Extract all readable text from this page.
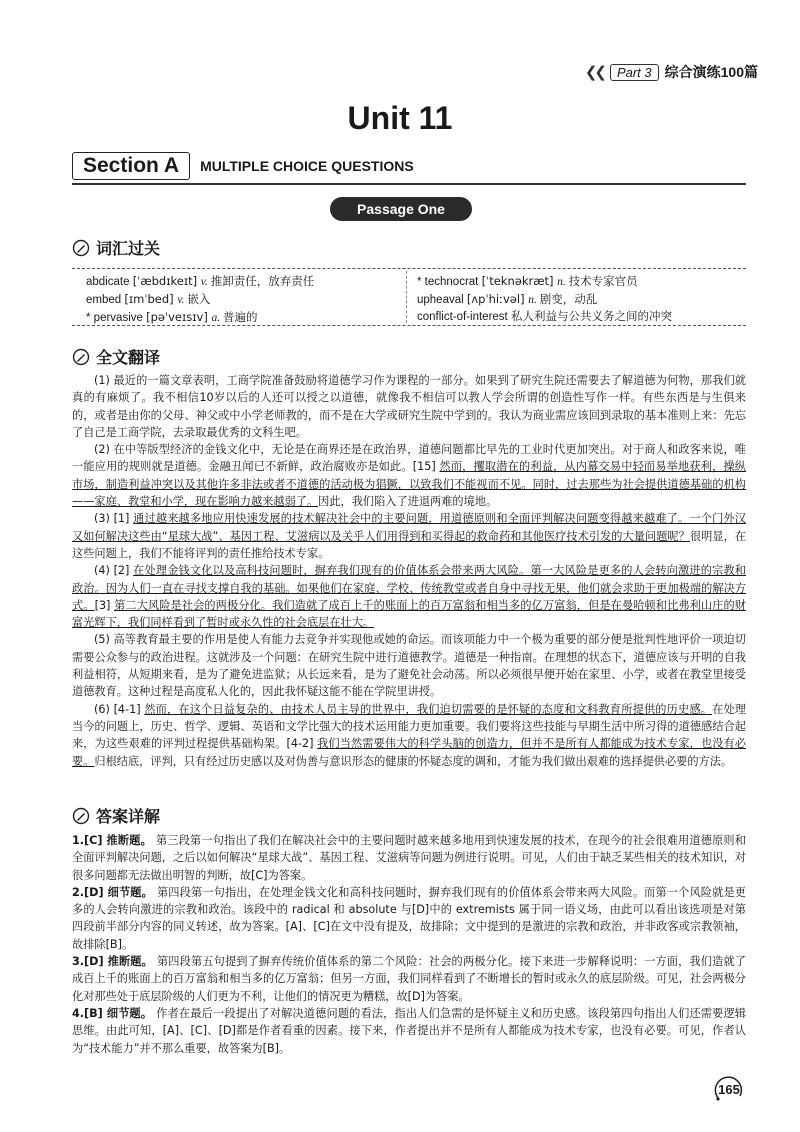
❮❮	Part 3 综合演练100篇
Unit 11
Section A	MULTIPLE CHOICE QUESTIONS
Passage One
词汇过关
abdicate [ˈæbdɪkeɪt] v. 推卸责任，放弃责任
embed [ɪmˈbed] v. 嵌入
* pervasive [pəˈveɪsɪv] a. 普遍的
* technocrat [ˈteknəkræt] n. 技术专家官员
upheaval [ʌpˈhiːvəl] n. 剧变，动乱
conflict-of-interest 私人利益与公共义务之间的冲突
全文翻译

(1) 最近的一篇文章表明，工商学院准备鼓励将道德学习作为课程的一部分。如果到了研究生院还需要去了解道德为何物，那我们就真的有麻烦了。我不相信10岁以后的人还可以授之以道德，就像我不相信可以教人学会所谓的创造性写作一样。有些东西是与生俱来的，或者是由你的父母、神父或中小学老师教的，而不是在大学或研究生院中学到的。我认为商业需应该回到录取的基本准则上来：先忘了自己是工商学院，去录取最优秀的文科生吧。

(2) 在中等版型经济的金钱文化中，无论是在商界还是在政治界，道德问题都比早先的工业时代更加突出。对于商人和政客来说，唯一能应用的规则就是道德。金融丑闻已不新鲜，政治腐败亦是如此。[15] 然而，攫取潜在的利益，从内幕交易中轻而易举地获利，操纵市场，制造利益冲突以及其他许多非法或者不道德的活动极为猖獗，以致我们不能视而不见。同时，过去那些为社会提供道德基础的机构——家庭、教堂和小学，现在影响力越来越弱了。因此，我们陷入了进退两难的境地。

(3) [1] 通过越来越多地应用快速发展的技术解决社会中的主要问题，用道德原则和全面评判解决问题变得越来越难了。一个门外汉又如何解决这些由“星球大战”、基因工程、艾滋病以及关乎人们用得到和买得起的救命药和其他医疗技术引发的大量问题呢？很明显，在这些问题上，我们不能将评判的责任推给技术专家。

(4) [2] 在处理金钱文化以及高科技问题时，摒弃我们现有的价值体系会带来两大风险。第一大风险是更多的人会转向激进的宗教和政治。因为人们一直在寻找支撑自我的基础。如果他们在家庭、学校、传统教堂或者自身中寻找无果，他们就会求助于更加极端的解决方式。[3] 第二大风险是社会的两极分化。我们造就了成百上千的账面上的百万富翁和相当多的亿万富翁，但是在曼哈顿和比弗利山庄的财富光辉下，我们同样看到了暂时或永久性的社会底层在壮大。

(5) 高等教育最主要的作用是使人有能力去竞争并实现他或她的命运。而该项能力中一个极为重要的部分便是批判性地评价一项迫切需要公众参与的政治进程。这就涉及一个问题：在研究生院中进行道德教学。道德是一种指南。在理想的状态下，道德应该与开明的自我利益相符，从短期来看，是为了避免进监狱；从长远来看，是为了避免社会动荡。所以必须很早便开始在家里、小学，或者在教堂里接受道德教育。这种过程是高度私人化的，因此我怀疑这能不能在学院里讲授。

(6) [4-1] 然而，在这个日益复杂的、由技术人员主导的世界中，我们迫切需要的是怀疑的态度和文科教育所提供的历史感。在处理当今的问题上，历史、哲学、逻辑、英语和文学比强大的技术运用能力更加重要。我们要将这些技能与早期生活中所习得的道德感结合起来，为这些艰难的评判过程提供基础构架。[4-2] 我们当然需要伟大的科学头脑的创造力，但并不是所有人都能成为技术专家，也没有必要。归根结底，评判，只有经过历史感以及对伪善与意识形态的健康的怀疑态度的调和，才能为我们做出艰难的选择提供必要的方法。

答案详解

1.[C] 推断题。 第三段第一句指出了我们在解决社会中的主要问题时越来越多地用到快速发展的技术，在现今的社会很难用道德原则和全面评判解决问题，之后以如何解决“星球大战”、基因工程、艾滋病等问题为例进行说明。可见，人们由于缺乏某些相关的技术知识，对很多问题都无法做出明智的判断，故[C]为答案。

2.[D] 细节题。 第四段第一句指出，在处理金钱文化和高科技问题时，摒弃我们现有的价值体系会带来两大风险。而第一个风险就是更多的人会转向激进的宗教和政治。该段中的 radical 和 absolute 与[D]中的 extremists 属于同一语义场，由此可以看出该选项是对第四段前半部分内容的同义转述，故为答案。[A]、[C]在文中没有提及，故排除；文中提到的是激进的宗教和政治，并非政客或宗教领袖，故排除[B]。

3.[D] 推断题。 第四段第五句提到了摒弃传统价值体系的第二个风险：社会的两极分化。接下来进一步解释说明：一方面，我们造就了成百上千的账面上的百万富翁和相当多的亿万富翁；但另一方面，我们同样看到了不断增长的暂时或永久的底层阶级。可见，社会两极分化对那些处于底层阶级的人们更为不利，让他们的情况更为糟糕，故[D]为答案。

4.[B] 细节题。 作者在最后一段提出了对解决道德问题的看法，指出人们急需的是怀疑主义和历史感。该段第四句指出人们还需要逻辑思维。由此可知，[A]、[C]、[D]都是作者看重的因素。接下来，作者提出并不是所有人都能成为技术专家，也没有必要。可见，作者认为“技术能力”并不那么重要，故答案为[B]。

165
